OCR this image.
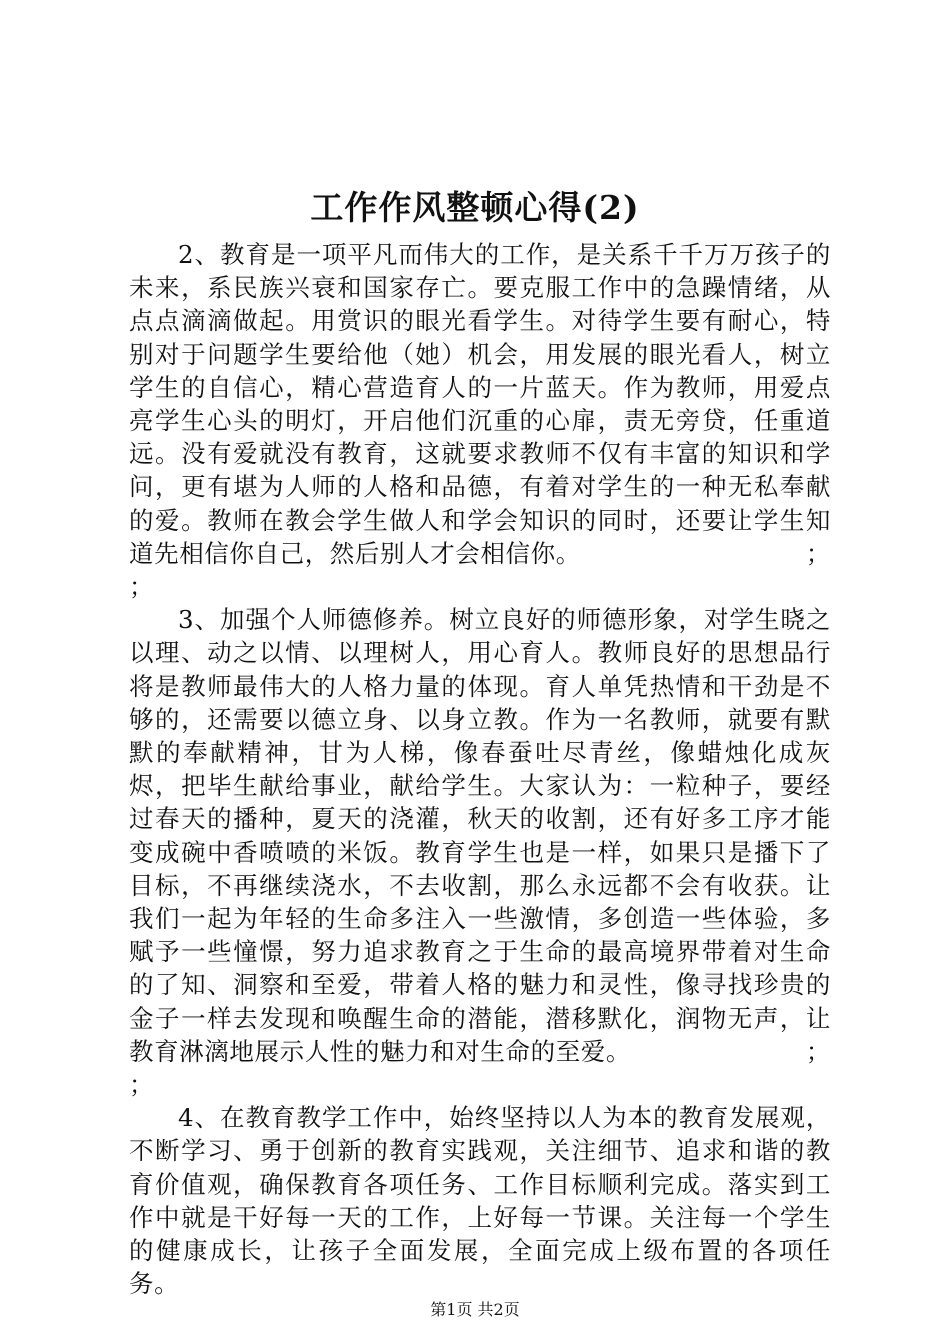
工作作风整顿心得(2)

2、教育是一项平凡而伟大的工作，是关系千千万万孩子的未来，系民族兴衰和国家存亡。要克服工作中的急躁情绪，从点点滴滴做起。用赏识的眼光看学生。对待学生要有耐心，特别对于问题学生要给他（她）机会，用发展的眼光看人，树立学生的自信心，精心营造育人的一片蓝天。作为教师，用爱点亮学生心头的明灯，开启他们沉重的心扉，责无旁贷，任重道远。没有爱就没有教育，这就要求教师不仅有丰富的知识和学问，更有堪为人师的人格和品德，有着对学生的一种无私奉献的爱。教师在教会学生做人和学会知识的同时，还要让学生知道先相信你自己，然后别人才会相信你。	；

；

3、加强个人师德修养。树立良好的师德形象，对学生晓之以理、动之以情、以理树人，用心育人。教师良好的思想品行将是教师最伟大的人格力量的体现。育人单凭热情和干劲是不够的，还需要以德立身、以身立教。作为一名教师，就要有默默的奉献精神，甘为人梯，像春蚕吐尽青丝，像蜡烛化成灰烬，把毕生献给事业，献给学生。大家认为：一粒种子，要经过春天的播种，夏天的浇灌，秋天的收割，还有好多工序才能变成碗中香喷喷的米饭。教育学生也是一样，如果只是播下了目标，不再继续浇水，不去收割，那么永远都不会有收获。让我们一起为年轻的生命多注入一些激情，多创造一些体验，多赋予一些憧憬，努力追求教育之于生命的最高境界带着对生命的了知、洞察和至爱，带着人格的魅力和灵性，像寻找珍贵的金子一样去发现和唤醒生命的潜能，潜移默化，润物无声，让教育淋漓地展示人性的魅力和对生命的至爱。	；

；

4、在教育教学工作中，始终坚持以人为本的教育发展观，不断学习、勇于创新的教育实践观，关注细节、追求和谐的教育价值观，确保教育各项任务、工作目标顺利完成。落实到工作中就是干好每一天的工作，上好每一节课。关注每一个学生的健康成长，让孩子全面发展，全面完成上级布置的各项任务。

第1页 共2页
